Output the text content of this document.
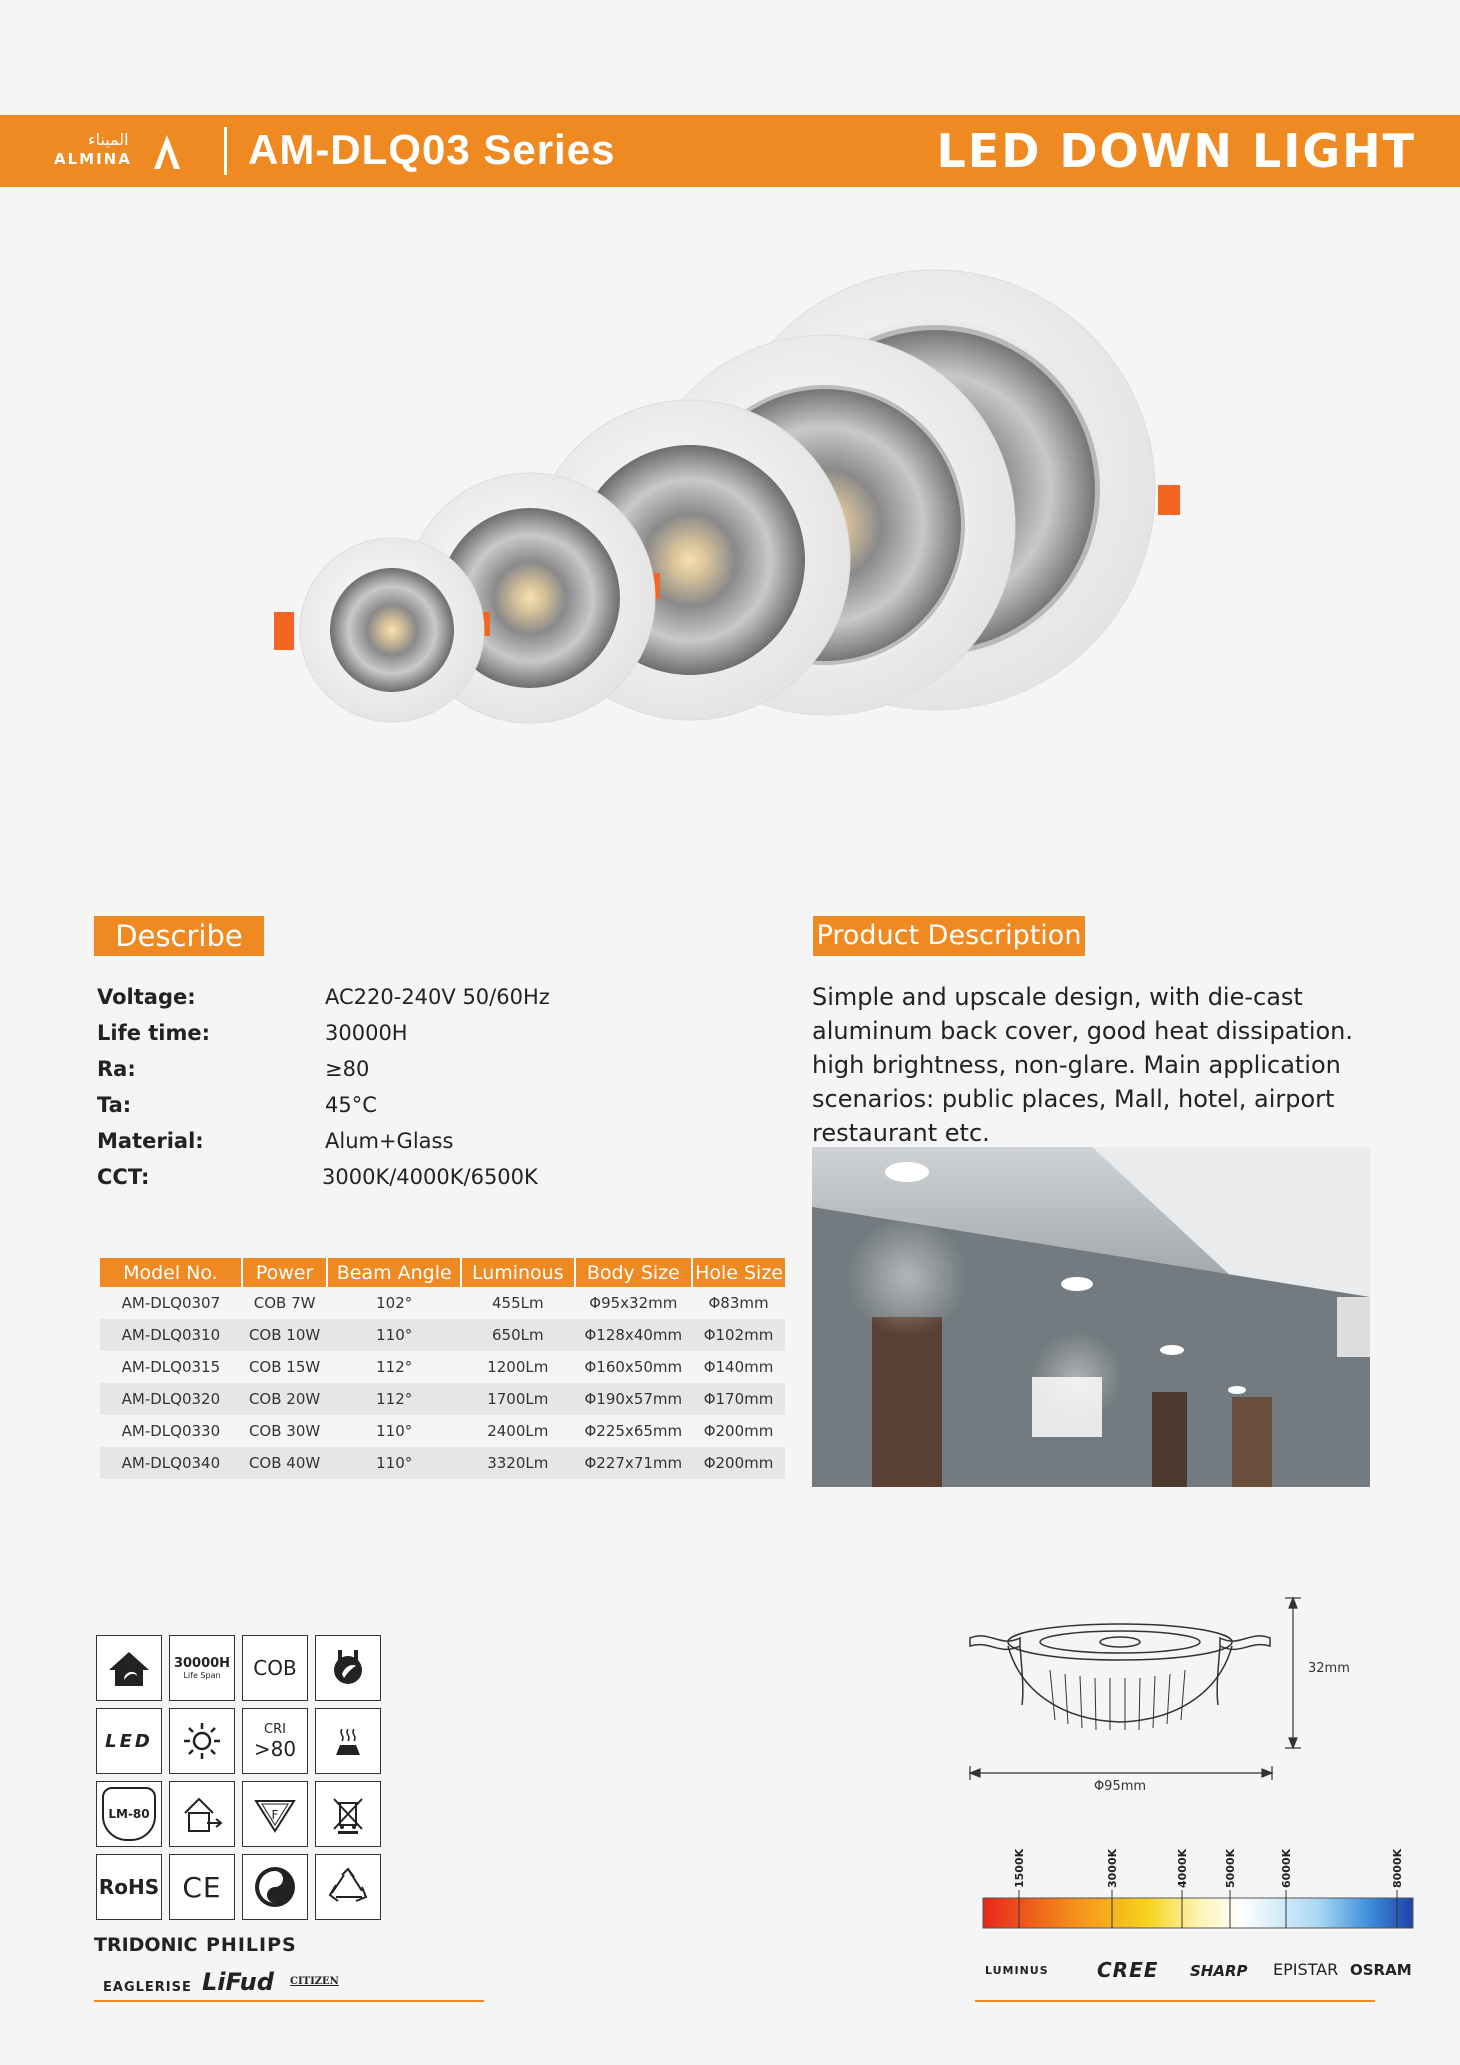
الميناء
ALMINA	AM-DLQ03 Series	LED DOWN LIGHT
Describe
Voltage:	AC220-240V 50/60Hz
Life time:	30000H
Ra:	≥80
Ta:	45°C
Material:	Alum+Glass
CCT:	3000K/4000K/6500K
Product Description
Simple and upscale design, with die-cast aluminum back cover, good heat dissipation. high brightness, non-glare. Main application scenarios: public places, Mall, hotel, airport restaurant etc.
Model No.	Power	Beam Angle	Luminous	Body Size	Hole Size
AM-DLQ0307	COB 7W	102°	455Lm	Φ95x32mm	Φ83mm
AM-DLQ0310	COB 10W	110°	650Lm	Φ128x40mm	Φ102mm
AM-DLQ0315	COB 15W	112°	1200Lm	Φ160x50mm	Φ140mm
AM-DLQ0320	COB 20W	112°	1700Lm	Φ190x57mm	Φ170mm
AM-DLQ0330	COB 30W	110°	2400Lm	Φ225x65mm	Φ200mm
AM-DLQ0340	COB 40W	110°	3320Lm	Φ227x71mm	Φ200mm
30000H
Life Span	COB
LED
CRI
>80
LM-80	F
RoHS CE
TRIDONIC PHILIPS
EAGLERISE LiFud CITIZEN
32mm
Φ95mm
1500K	3000K	4000K	5000K	6000K	8000K
LUMINUS CREE SHARP EPISTAR OSRAM
